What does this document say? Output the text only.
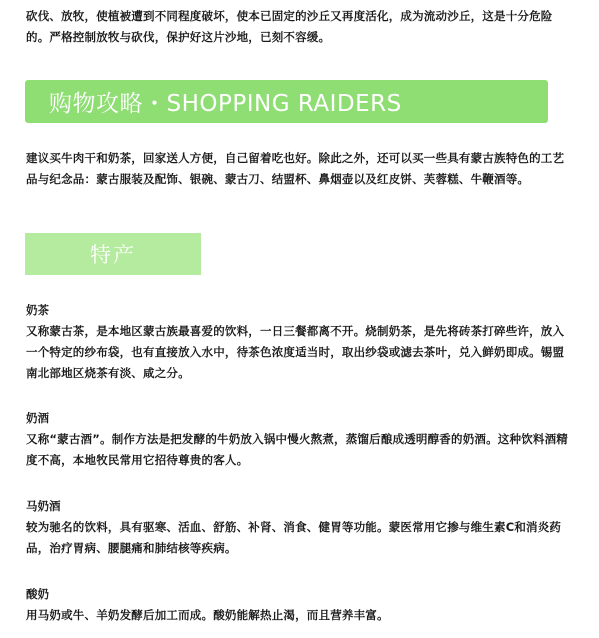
砍伐、放牧，使植被遭到不同程度破坏，使本已固定的沙丘又再度活化，成为流动沙丘，这是十分危险的。严格控制放牧与砍伐，保护好这片沙地，已刻不容缓。

购物攻略・SHOPPING RAIDERS

建议买牛肉干和奶茶，回家送人方便，自己留着吃也好。除此之外，还可以买一些具有蒙古族特色的工艺品与纪念品：蒙古服装及配饰、银碗、蒙古刀、结盟杯、鼻烟壶以及红皮饼、芙蓉糕、牛鞭酒等。

特产

奶茶

又称蒙古茶，是本地区蒙古族最喜爱的饮料，一日三餐都离不开。烧制奶茶，是先将砖茶打碎些许，放入一个特定的纱布袋，也有直接放入水中，待茶色浓度适当时，取出纱袋或滤去茶叶，兑入鲜奶即成。锡盟南北部地区烧茶有淡、咸之分。

奶酒

又称“蒙古酒”。制作方法是把发酵的牛奶放入锅中慢火熬煮，蒸馏后酿成透明醇香的奶酒。这种饮料酒精度不高，本地牧民常用它招待尊贵的客人。

马奶酒

较为驰名的饮料，具有驱寒、活血、舒筋、补肾、消食、健胃等功能。蒙医常用它掺与维生素C和消炎药品，治疗胃病、腰腿痛和肺结核等疾病。

酸奶

用马奶或牛、羊奶发酵后加工而成。酸奶能解热止渴，而且营养丰富。
